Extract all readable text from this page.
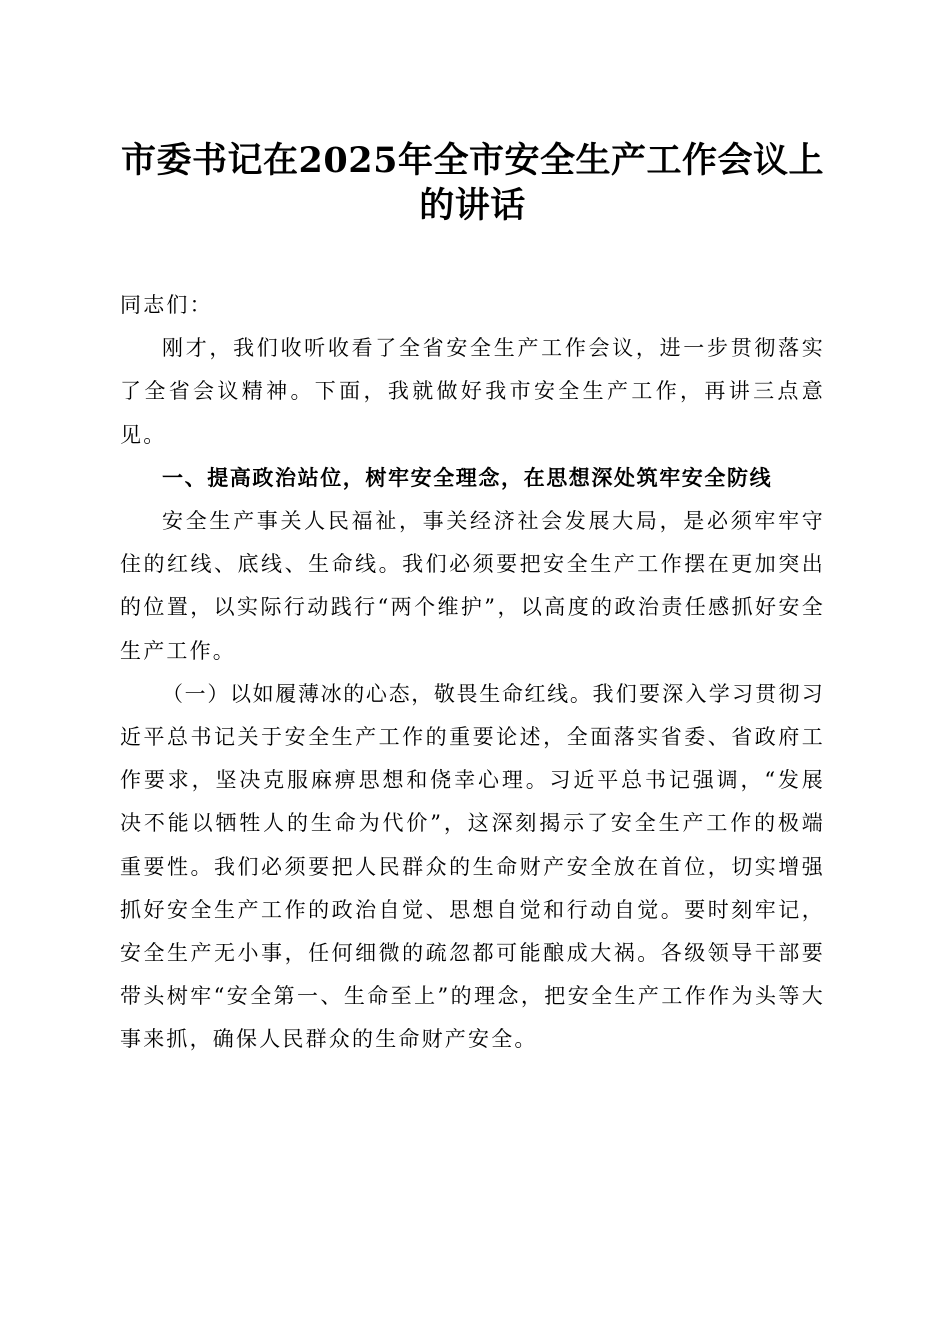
市委书记在2025年全市安全生产工作会议上的讲话

同志们：

刚才，我们收听收看了全省安全生产工作会议，进一步贯彻落实了全省会议精神。下面，我就做好我市安全生产工作，再讲三点意见。

一、提高政治站位，树牢安全理念，在思想深处筑牢安全防线

安全生产事关人民福祉，事关经济社会发展大局，是必须牢牢守住的红线、底线、生命线。我们必须要把安全生产工作摆在更加突出的位置，以实际行动践行“两个维护”，以高度的政治责任感抓好安全生产工作。

（一）以如履薄冰的心态，敬畏生命红线。我们要深入学习贯彻习近平总书记关于安全生产工作的重要论述，全面落实省委、省政府工作要求，坚决克服麻痹思想和侥幸心理。习近平总书记强调，“发展决不能以牺牲人的生命为代价”，这深刻揭示了安全生产工作的极端重要性。我们必须要把人民群众的生命财产安全放在首位，切实增强抓好安全生产工作的政治自觉、思想自觉和行动自觉。要时刻牢记，安全生产无小事，任何细微的疏忽都可能酿成大祸。各级领导干部要带头树牢“安全第一、生命至上”的理念，把安全生产工作作为头等大事来抓，确保人民群众的生命财产安全。
